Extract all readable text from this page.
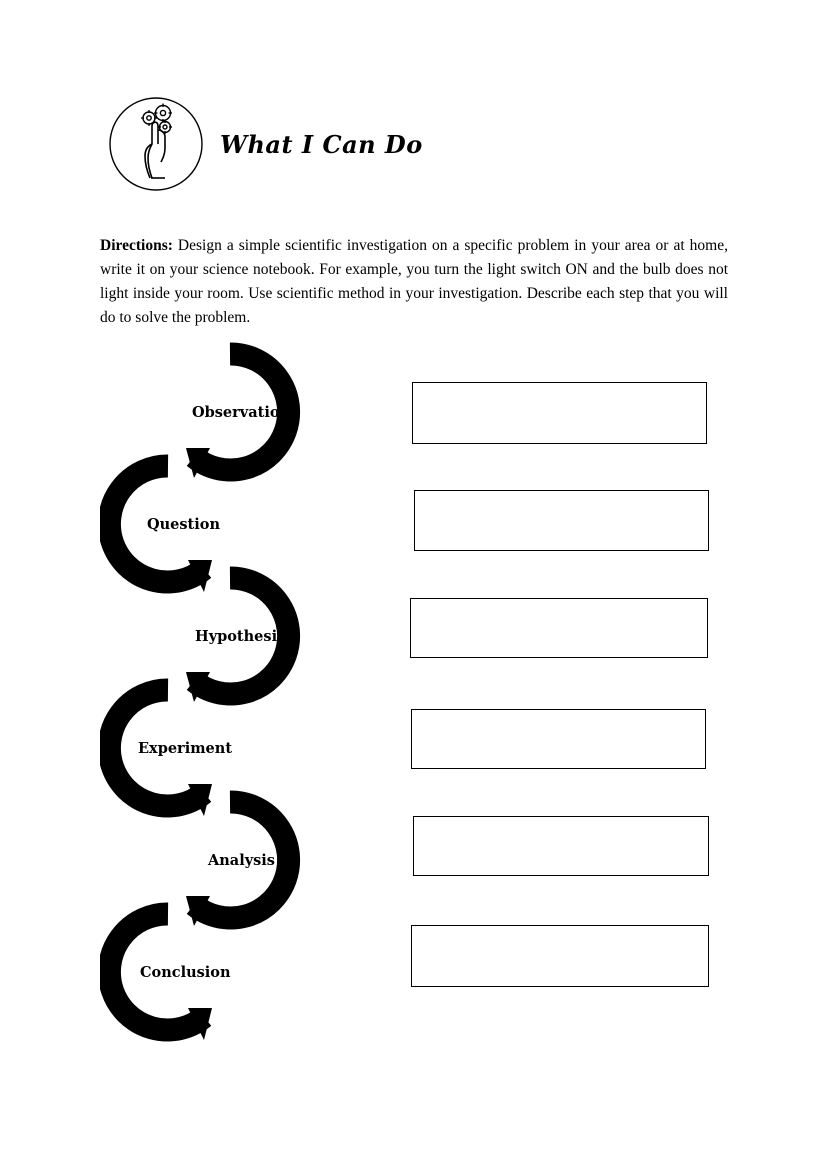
What I Can Do

Directions: Design a simple scientific investigation on a specific problem in your area or at home, write it on your science notebook. For example, you turn the light switch ON and the bulb does not light inside your room. Use scientific method in your investigation. Describe each step that you will do to solve the problem.

Observation
Question
Hypothesis
Experiment
Analysis
Conclusion
